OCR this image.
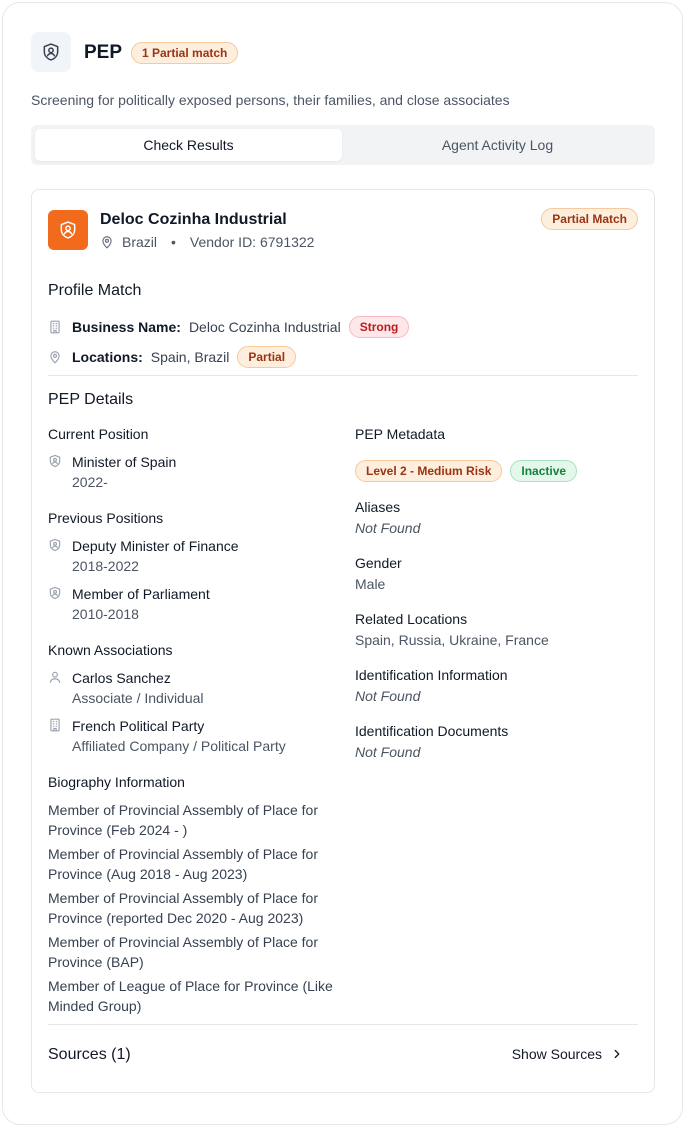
PEP	1 Partial match
Screening for politically exposed persons, their families, and close associates
Check Results	Agent Activity Log
Deloc Cozinha Industrial
Brazil • Vendor ID: 6791322
Partial Match
Profile Match
Business Name: Deloc Cozinha Industrial	Strong
Locations: Spain, Brazil	Partial
PEP Details
Current Position
Minister of Spain
2022-
Previous Positions
Deputy Minister of Finance
2018-2022
Member of Parliament
2010-2018
Known Associations
Carlos Sanchez
Associate / Individual
French Political Party
Affiliated Company / Political Party
Biography Information

Member of Provincial Assembly of Place for Province (Feb 2024 - )

Member of Provincial Assembly of Place for Province (Aug 2018 - Aug 2023)

Member of Provincial Assembly of Place for Province (reported Dec 2020 - Aug 2023)

Member of Provincial Assembly of Place for Province (BAP)

Member of League of Place for Province (Like Minded Group)

PEP Metadata
Level 2 - Medium Risk	Inactive
Aliases
Not Found
Gender
Male
Related Locations
Spain, Russia, Ukraine, France
Identification Information
Not Found
Identification Documents
Not Found
Sources (1)	Show Sources
